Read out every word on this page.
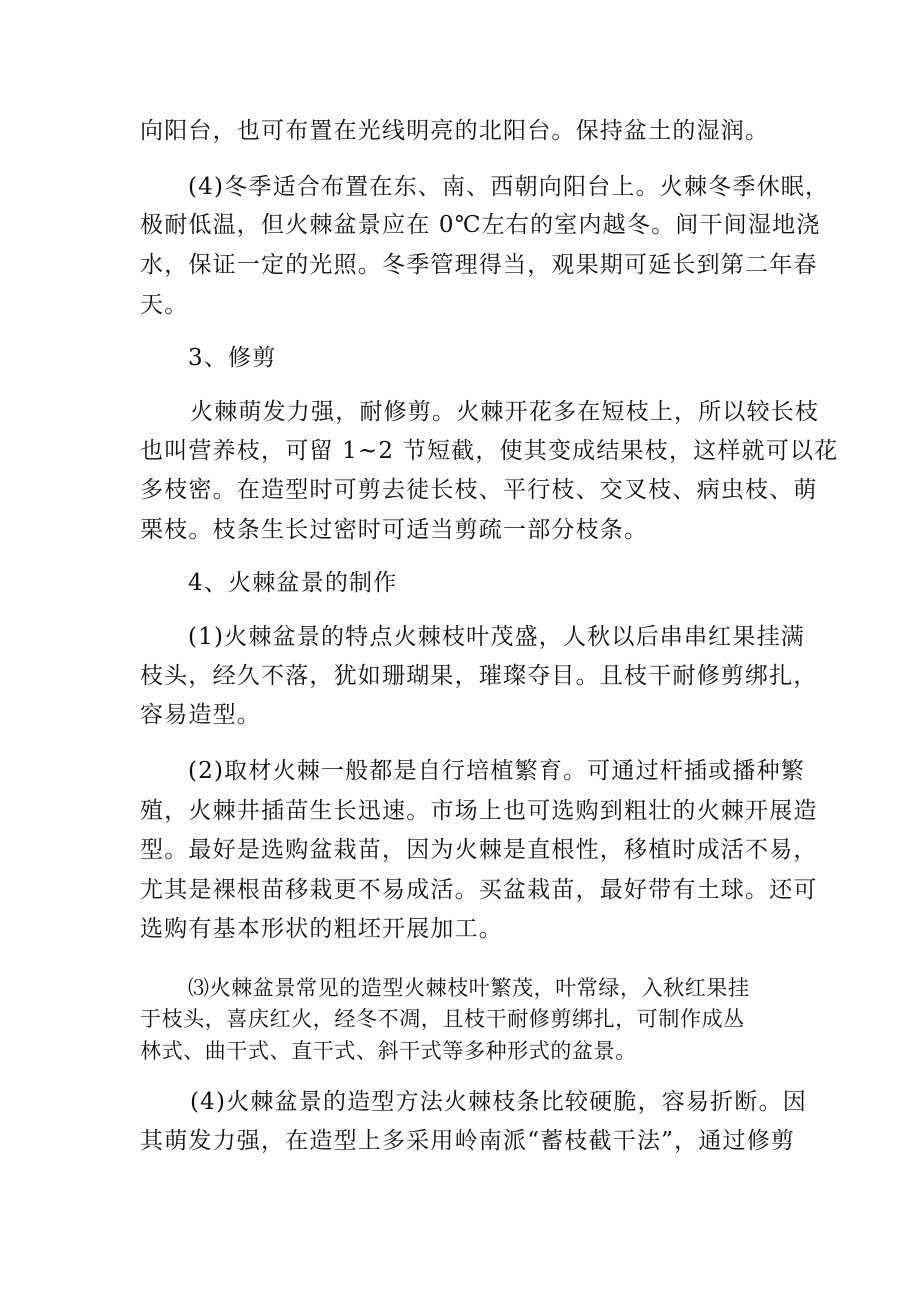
向阳台，也可布置在光线明亮的北阳台。保持盆土的湿润。
(4)冬季适合布置在东、南、西朝向阳台上。火棘冬季休眠，
极耐低温，但火棘盆景应在 0℃左右的室内越冬。间干间湿地浇
水，保证一定的光照。冬季管理得当，观果期可延长到第二年春
天。
3、修剪
火棘萌发力强，耐修剪。火棘开花多在短枝上，所以较长枝
也叫营养枝，可留 1~2 节短截，使其变成结果枝，这样就可以花
多枝密。在造型时可剪去徒长枝、平行枝、交叉枝、病虫枝、萌
栗枝。枝条生长过密时可适当剪疏一部分枝条。
4、火棘盆景的制作
(1)火棘盆景的特点火棘枝叶茂盛，人秋以后串串红果挂满
枝头，经久不落，犹如珊瑚果，璀璨夺目。且枝干耐修剪绑扎，
容易造型。
(2)取材火棘一般都是自行培植繁育。可通过杆插或播种繁
殖，火棘井插苗生长迅速。市场上也可选购到粗壮的火棘开展造
型。最好是选购盆栽苗，因为火棘是直根性，移植时成活不易，
尤其是裸根苗移栽更不易成活。买盆栽苗，最好带有土球。还可
选购有基本形状的粗坯开展加工。
⑶火棘盆景常见的造型火棘枝叶繁茂，叶常绿，入秋红果挂
于枝头，喜庆红火，经冬不凋，且枝干耐修剪绑扎，可制作成丛
林式、曲干式、直干式、斜干式等多种形式的盆景。
(4)火棘盆景的造型方法火棘枝条比较硬脆，容易折断。因
其萌发力强，在造型上多采用岭南派“蓄枝截干法”，通过修剪
